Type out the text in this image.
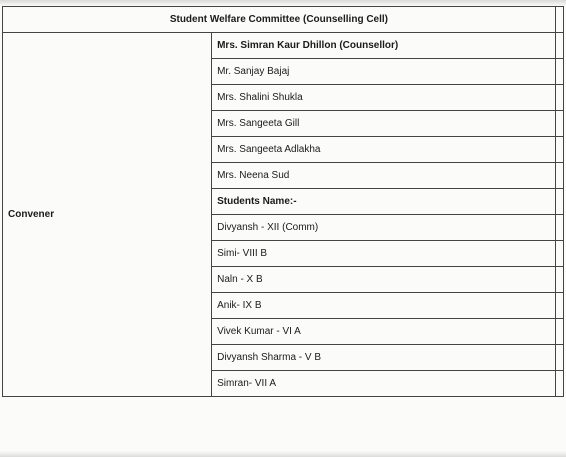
Student Welfare Committee (Counselling Cell)		
Convener	Mrs. Simran Kaur Dhillon (Counsellor)	
	Mr. Sanjay Bajaj	
	Mrs. Shalini Shukla	
	Mrs. Sangeeta Gill	
	Mrs. Sangeeta Adlakha	
	Mrs. Neena Sud	
	Students Name:-	
	Divyansh - XII (Comm)	
	Simi- VIII B	
	Naln - X B	
	Anik- IX B	
	Vivek Kumar - VI A	
	Divyansh Sharma - V B	
	Simran- VII A	
